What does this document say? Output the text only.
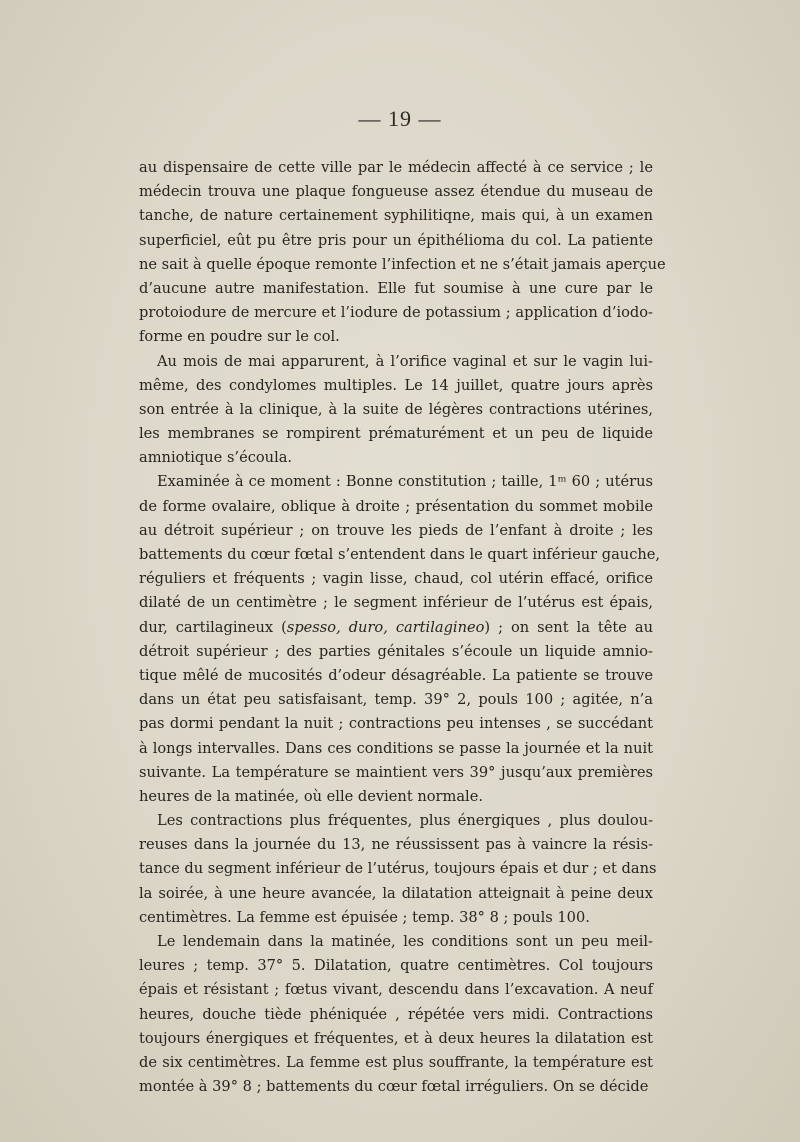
— 19 —
au dispensaire de cette ville par le médecin affecté à ce service ; le
médecin trouva une plaque fongueuse assez étendue du museau de
tanche, de nature certainement syphilitiqne, mais qui, à un examen
superficiel, eût pu être pris pour un épithélioma du col. La patiente
ne sait à quelle époque remonte l’infection et ne s’était jamais aperçue
d’aucune autre manifestation. Elle fut soumise à une cure par le
protoiodure de mercure et l’iodure de potassium ; application d’iodo-
forme en poudre sur le col.
Au mois de mai apparurent, à l’orifice vaginal et sur le vagin lui-
même, des condylomes multiples. Le 14 juillet, quatre jours après
son entrée à la clinique, à la suite de légères contractions utérines,
les membranes se rompirent prématurément et un peu de liquide
amniotique s’écoula.
Examinée à ce moment : Bonne constitution ; taille, 1ᵐ 60 ; utérus
de forme ovalaire, oblique à droite ; présentation du sommet mobile
au détroit supérieur ; on trouve les pieds de l’enfant à droite ; les
battements du cœur fœtal s’entendent dans le quart inférieur gauche,
réguliers et fréquents ; vagin lisse, chaud, col utérin effacé, orifice
dilaté de un centimètre ; le segment inférieur de l’utérus est épais,
dur, cartilagineux (spesso, duro, cartilagineo) ; on sent la tête au
détroit supérieur ; des parties génitales s’écoule un liquide amnio-
tique mêlé de mucosités d’odeur désagréable. La patiente se trouve
dans un état peu satisfaisant, temp. 39° 2, pouls 100 ; agitée, n’a
pas dormi pendant la nuit ; contractions peu intenses , se succédant
à longs intervalles. Dans ces conditions se passe la journée et la nuit
suivante. La température se maintient vers 39° jusqu’aux premières
heures de la matinée, où elle devient normale.
Les contractions plus fréquentes, plus énergiques , plus doulou-
reuses dans la journée du 13, ne réussissent pas à vaincre la résis-
tance du segment inférieur de l’utérus, toujours épais et dur ; et dans
la soirée, à une heure avancée, la dilatation atteignait à peine deux
centimètres. La femme est épuisée ; temp. 38° 8 ; pouls 100.
Le lendemain dans la matinée, les conditions sont un peu meil-
leures ; temp. 37° 5. Dilatation, quatre centimètres. Col toujours
épais et résistant ; fœtus vivant, descendu dans l’excavation. A neuf
heures, douche tiède phéniquée , répétée vers midi. Contractions
toujours énergiques et fréquentes, et à deux heures la dilatation est
de six centimètres. La femme est plus souffrante, la température est
montée à 39° 8 ; battements du cœur fœtal irréguliers. On se décide
